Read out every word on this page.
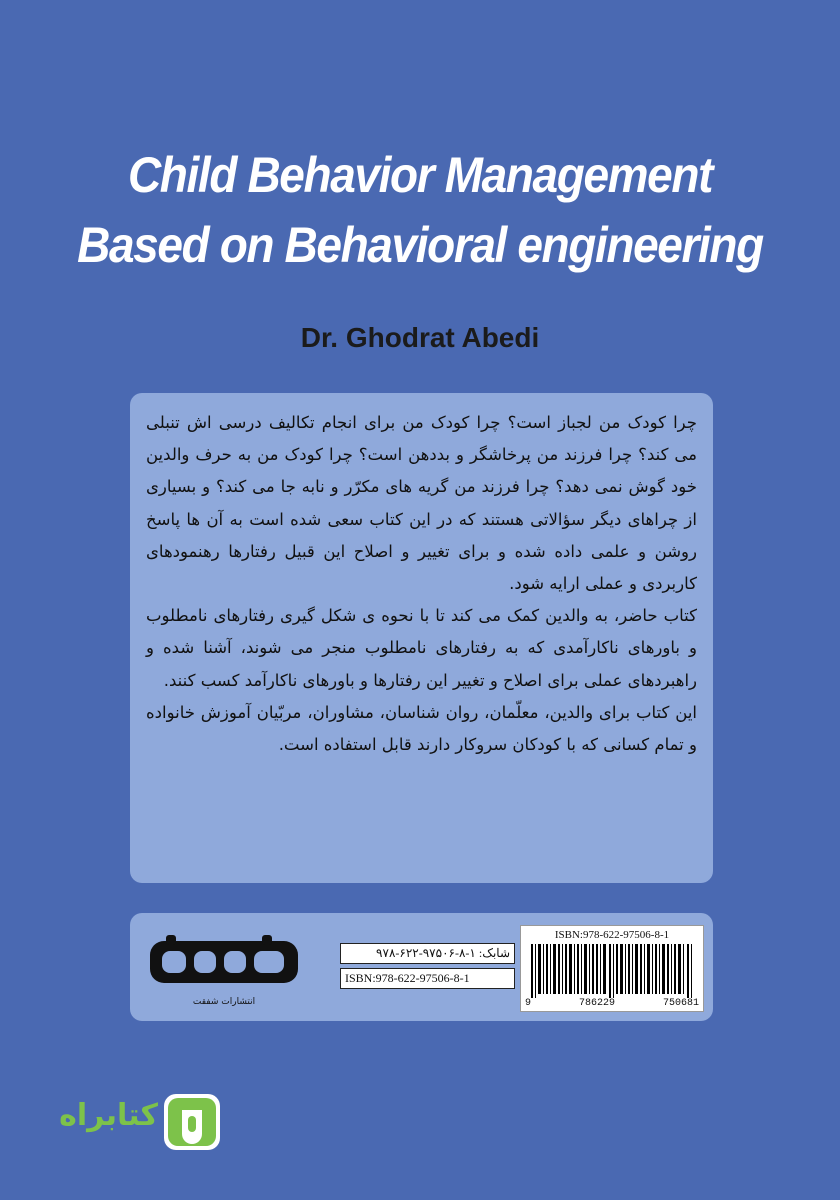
Child Behavior Management
Based on Behavioral engineering
Dr. Ghodrat Abedi

چرا کودک من لجباز است؟ چرا کودک من برای انجام تکالیف درسی اش تنبلی می کند؟ چرا فرزند من پرخاشگر و بددهن است؟ چرا کودک من به حرف والدین خود گوش نمی دهد؟ چرا فرزند من گریه های مکرّر و نابه جا می کند؟ و بسیاری از چراهای دیگر سؤالاتی هستند که در این کتاب سعی شده است به آن ها پاسخ روشن و علمی داده شده و برای تغییر و اصلاح این قبیل رفتارها رهنمودهای کاربردی و عملی ارایه شود.

کتاب حاضر، به والدین کمک می کند تا با نحوه ی شکل گیری رفتارهای نامطلوب و باورهای ناکارآمدی که به رفتارهای نامطلوب منجر می شوند، آشنا شده و راهبردهای عملی برای اصلاح و تغییر این رفتارها و باورهای ناکارآمد کسب کنند.

این کتاب برای والدین، معلّمان، روان شناسان، مشاوران، مربّیان آموزش خانواده و تمام کسانی که با کودکان سروکار دارند قابل استفاده است.

انتشارات شفقت
شابک: ۱-۸-۹۷۵۰۶-۶۲۲-۹۷۸
ISBN:978-622-97506-8-1
ISBN:978-622-97506-8-1
9	786229	750681
کتابراه
